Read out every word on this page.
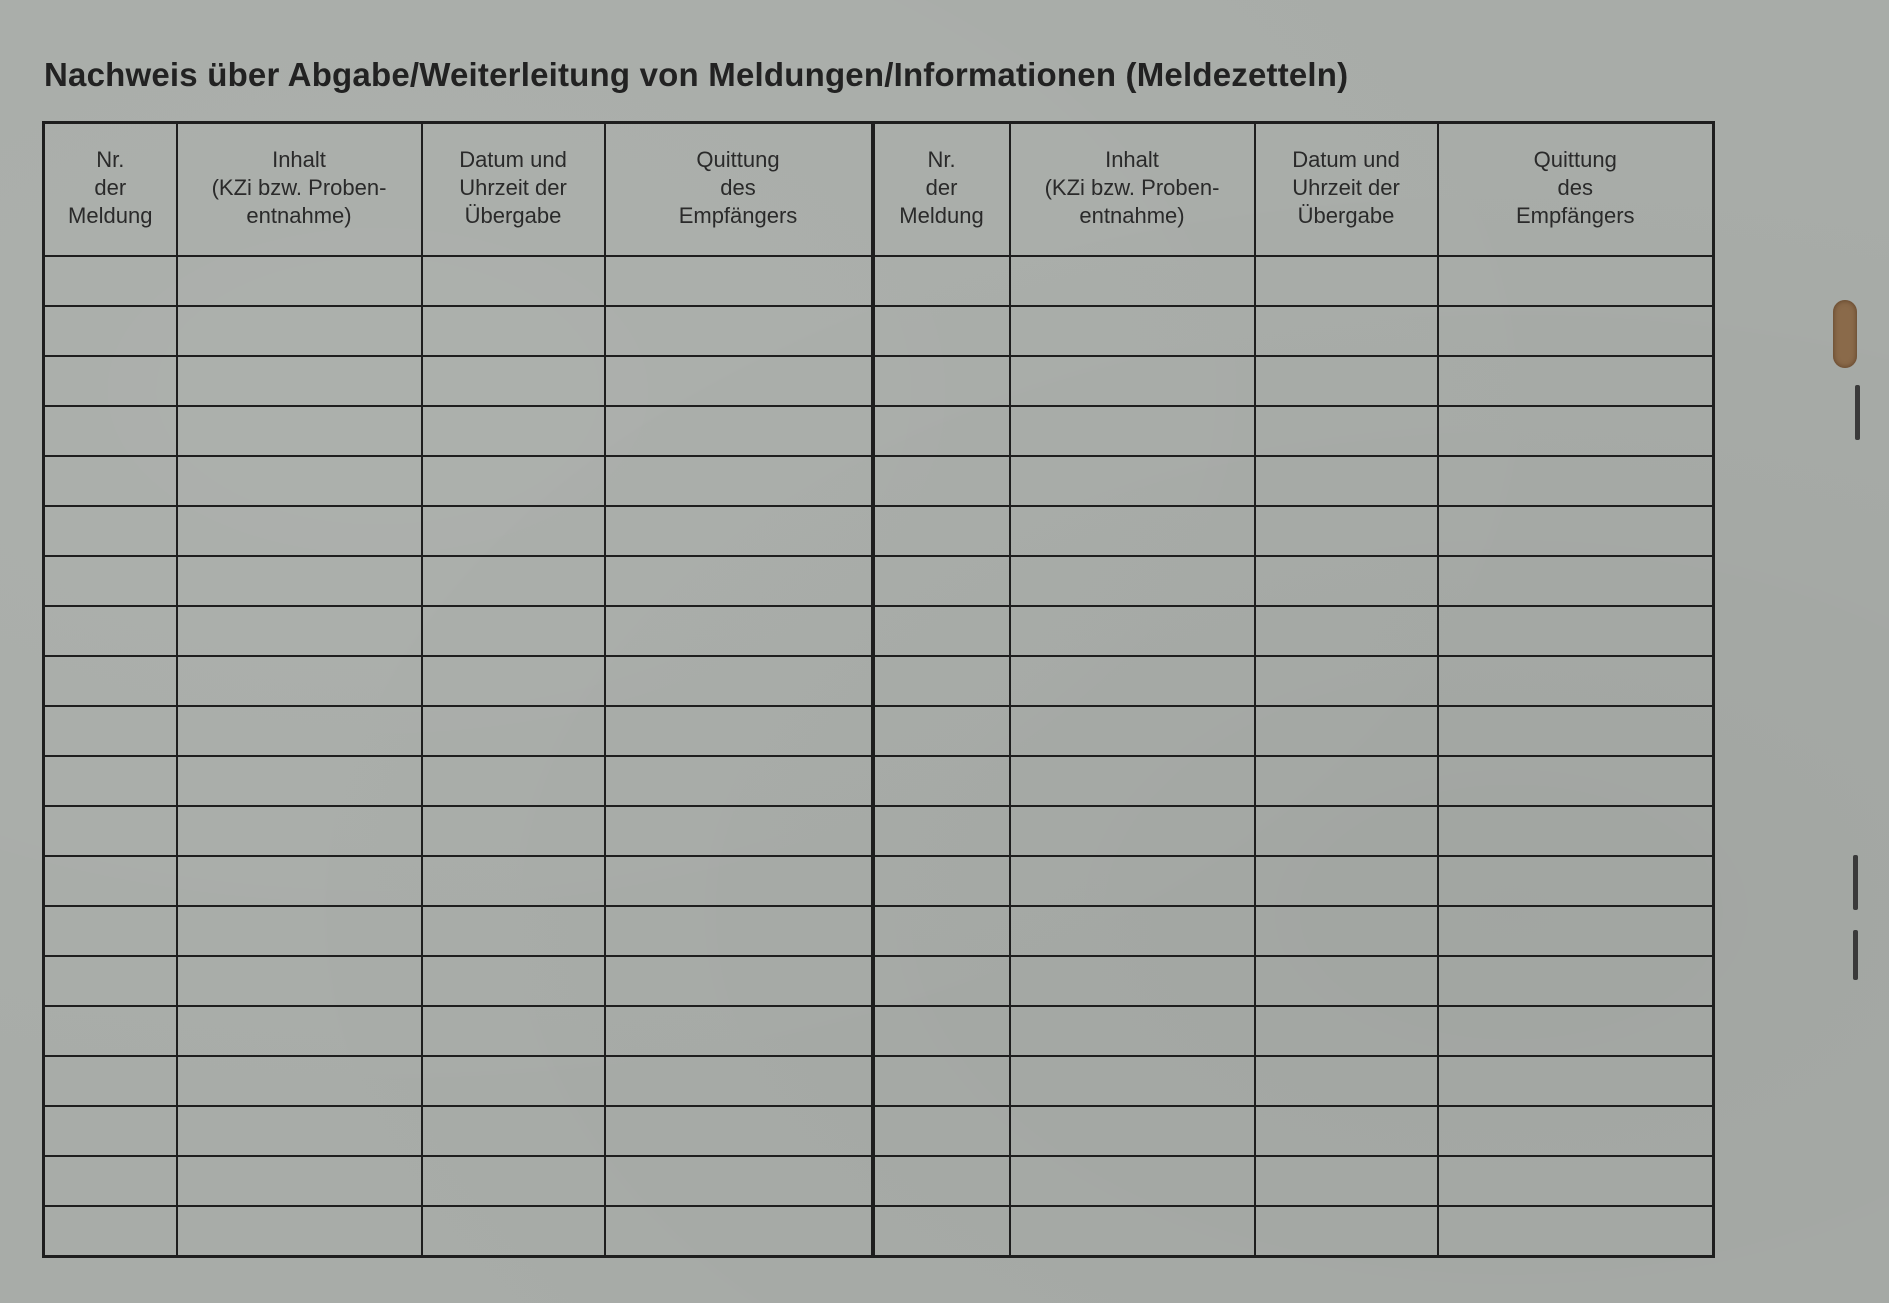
Nachweis über Abgabe/Weiterleitung von Meldungen/Informationen (Meldezetteln)
Nr.
der
Meldung	Inhalt
(KZi bzw. Proben-
entnahme)	Datum und
Uhrzeit der
Übergabe	Quittung
des
Empfängers	Nr.
der
Meldung	Inhalt
(KZi bzw. Proben-
entnahme)	Datum und
Uhrzeit der
Übergabe	Quittung
des
Empfängers
